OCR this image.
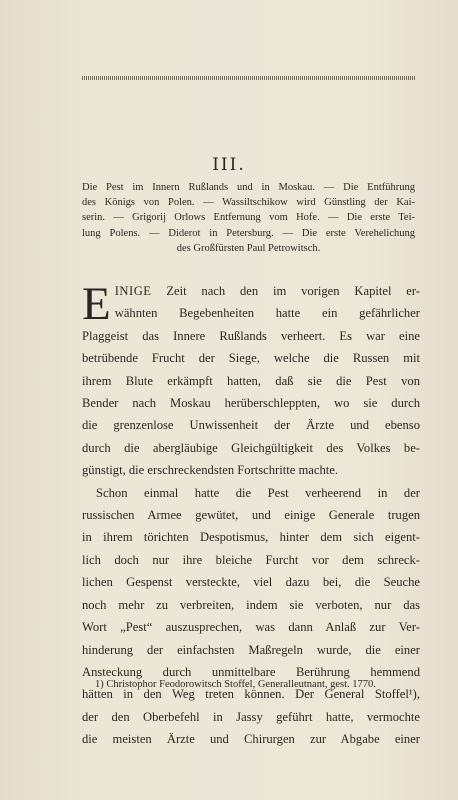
III.
Die Pest im Innern Rußlands und in Moskau. — Die Entführung
des Königs von Polen. — Wassiltschikow wird Günstling der Kai-
serin. — Grigorij Orlows Entfernung vom Hofe. — Die erste Tei-
lung Polens. — Diderot in Petersburg. — Die erste Verehelichung
des Großfürsten Paul Petrowitsch.
E INIGE Zeit nach den im vorigen Kapitel er-
wähnten Begebenheiten hatte ein gefährlicher
Plaggeist das Innere Rußlands verheert. Es war eine
betrübende Frucht der Siege, welche die Russen mit
ihrem Blute erkämpft hatten, daß sie die Pest von
Bender nach Moskau herüberschleppten, wo sie durch
die grenzenlose Unwissenheit der Ärzte und ebenso
durch die abergläubige Gleichgültigkeit des Volkes be-
günstigt, die erschreckendsten Fortschritte machte.
Schon einmal hatte die Pest verheerend in der
russischen Armee gewütet, und einige Generale trugen
in ihrem törichten Despotismus, hinter dem sich eigent-
lich doch nur ihre bleiche Furcht vor dem schreck-
lichen Gespenst versteckte, viel dazu bei, die Seuche
noch mehr zu verbreiten, indem sie verboten, nur das
Wort „Pest“ auszusprechen, was dann Anlaß zur Ver-
hinderung der einfachsten Maßregeln wurde, die einer
Ansteckung durch unmittelbare Berührung hemmend
hätten in den Weg treten können. Der General Stoffel¹),
der den Oberbefehl in Jassy geführt hatte, vermochte
die meisten Ärzte und Chirurgen zur Abgabe einer
1) Christophor Feodorowitsch Stoffel, Generalleutnant, gest. 1770.
